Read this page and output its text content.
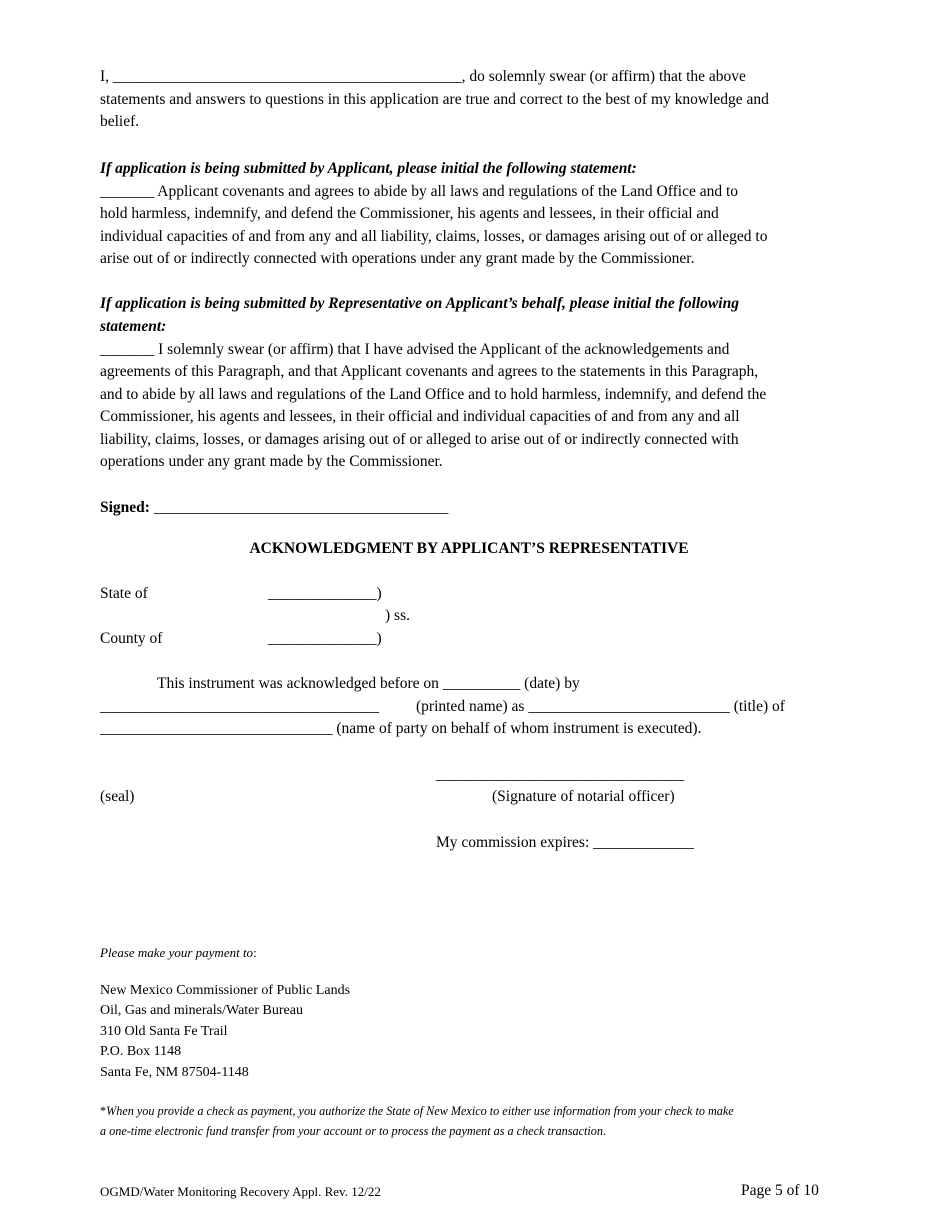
I, _____________________________________________, do solemnly swear (or affirm) that the above
statements and answers to questions in this application are true and correct to the best of my knowledge and
belief.
If application is being submitted by Applicant, please initial the following statement:
_______ Applicant covenants and agrees to abide by all laws and regulations of the Land Office and to
hold harmless, indemnify, and defend the Commissioner, his agents and lessees, in their official and
individual capacities of and from any and all liability, claims, losses, or damages arising out of or alleged to
arise out of or indirectly connected with operations under any grant made by the Commissioner.
If application is being submitted by Representative on Applicant’s behalf, please initial the following
statement:
_______ I solemnly swear (or affirm) that I have advised the Applicant of the acknowledgements and
agreements of this Paragraph, and that Applicant covenants and agrees to the statements in this Paragraph,
and to abide by all laws and regulations of the Land Office and to hold harmless, indemnify, and defend the
Commissioner, his agents and lessees, in their official and individual capacities of and from any and all
liability, claims, losses, or damages arising out of or alleged to arise out of or indirectly connected with
operations under any grant made by the Commissioner.
Signed: ______________________________________
ACKNOWLEDGMENT BY APPLICANT’S REPRESENTATIVE
State of	______________)
) ss.
County of	______________)
This instrument was acknowledged before on __________ (date) by
____________________________________ (printed name) as __________________________ (title) of
______________________________ (name of party on behalf of whom instrument is executed).
________________________________
(seal)	(Signature of notarial officer)
My commission expires: _____________
Please make your payment to:
New Mexico Commissioner of Public Lands
Oil, Gas and minerals/Water Bureau
310 Old Santa Fe Trail
P.O. Box 1148
Santa Fe, NM 87504-1148
*When you provide a check as payment, you authorize the State of New Mexico to either use information from your check to make
a one-time electronic fund transfer from your account or to process the payment as a check transaction.
OGMD/Water Monitoring Recovery Appl. Rev. 12/22	Page 5 of 10
